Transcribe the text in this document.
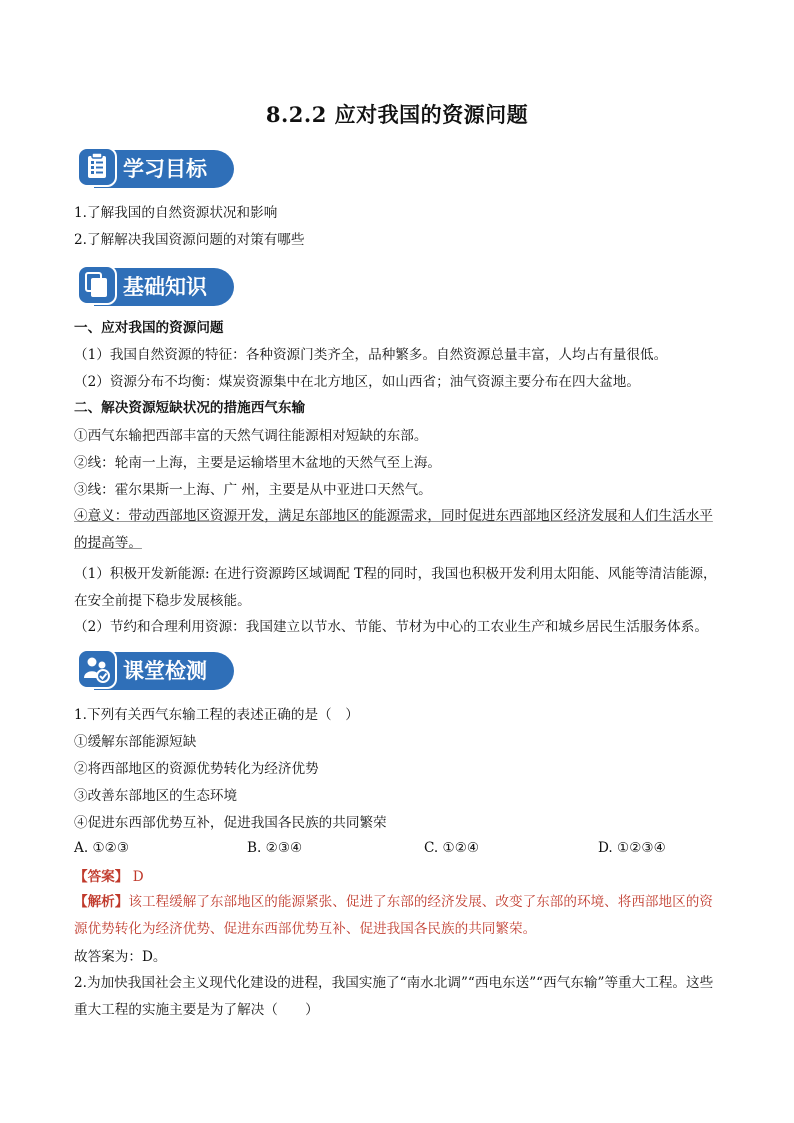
8.2.2 应对我国的资源问题
学习目标
1.了解我国的自然资源状况和影响
2.了解解决我国资源问题的对策有哪些
基础知识
一、应对我国的资源问题
（1）我国自然资源的特征：各种资源门类齐全，品种繁多。自然资源总量丰富，人均占有量很低。
（2）资源分布不均衡：煤炭资源集中在北方地区，如山西省；油气资源主要分布在四大盆地。
二、解决资源短缺状况的措施西气东输
①西气东输把西部丰富的天然气调往能源相对短缺的东部。
②线：轮南一上海，主要是运输塔里木盆地的天然气至上海。
③线：霍尔果斯一上海、广 州，主要是从中亚进口天然气。
④意义：带动西部地区资源开发，满足东部地区的能源需求，同时促进东西部地区经济发展和人们生活水平的提高等。
（1）积极开发新能源: 在进行资源跨区域调配 T程的同时，我国也积极开发利用太阳能、风能等清洁能源，在安全前提下稳步发展核能。
（2）节约和合理利用资源：我国建立以节水、节能、节材为中心的工农业生产和城乡居民生活服务体系。
课堂检测
1.下列有关西气东输工程的表述正确的是（　）
①缓解东部能源短缺
②将西部地区的资源优势转化为经济优势
③改善东部地区的生态环境
④促进东西部优势互补，促进我国各民族的共同繁荣
A. ①②③	B. ②③④	C. ①②④	D. ①②③④
【答案】 D
【解析】该工程缓解了东部地区的能源紧张、促进了东部的经济发展、改变了东部的环境、将西部地区的资源优势转化为经济优势、促进东西部优势互补、促进我国各民族的共同繁荣。
故答案为：D。
2.为加快我国社会主义现代化建设的进程，我国实施了“南水北调”“西电东送”“西气东输”等重大工程。这些重大工程的实施主要是为了解决（　　）
